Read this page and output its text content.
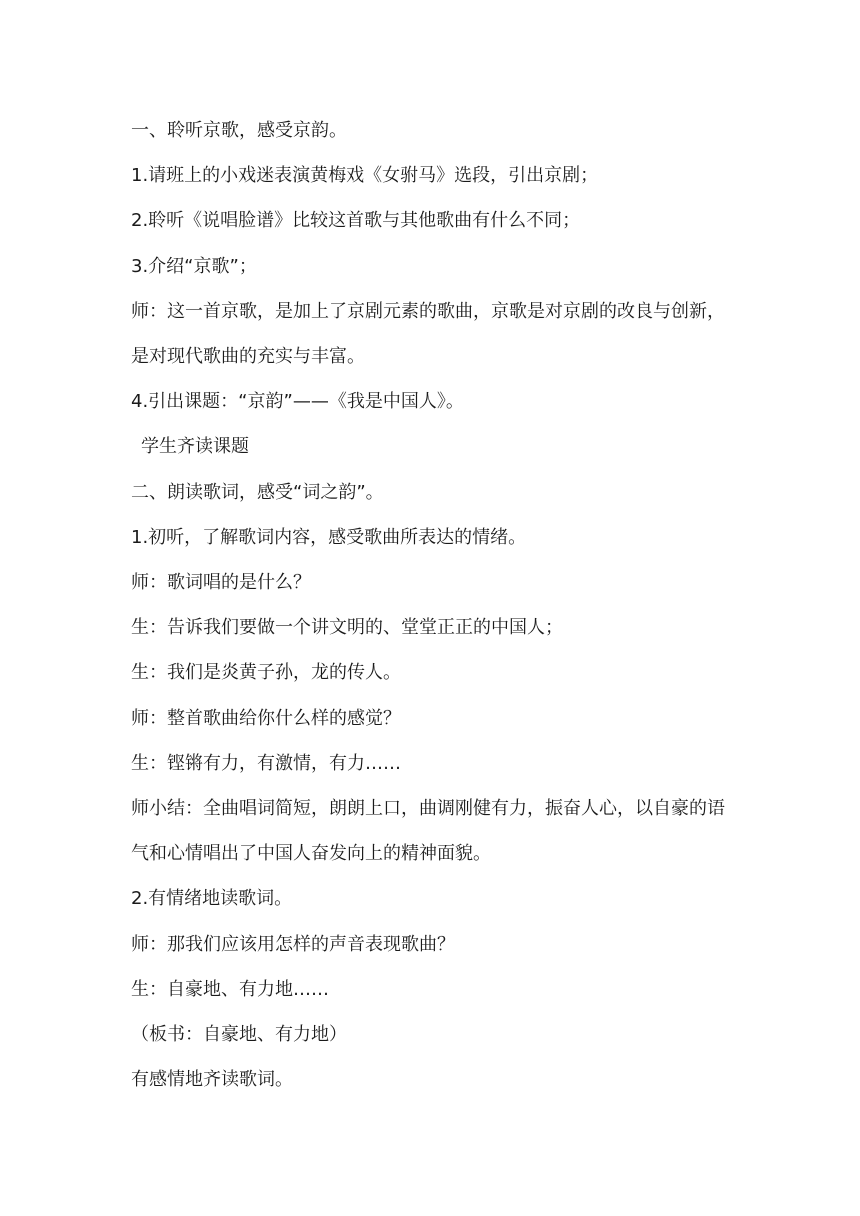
一、聆听京歌，感受京韵。

1.请班上的小戏迷表演黄梅戏《女驸马》选段，引出京剧；

2.聆听《说唱脸谱》比较这首歌与其他歌曲有什么不同；

3.介绍“京歌”；

师：这一首京歌，是加上了京剧元素的歌曲，京歌是对京剧的改良与创新，是对现代歌曲的充实与丰富。

4.引出课题：“京韵”——《我是中国人》。

学生齐读课题

二、朗读歌词，感受“词之韵”。

1.初听，了解歌词内容，感受歌曲所表达的情绪。

师：歌词唱的是什么？

生：告诉我们要做一个讲文明的、堂堂正正的中国人；

生：我们是炎黄子孙，龙的传人。

师：整首歌曲给你什么样的感觉？

生：铿锵有力，有激情，有力……

师小结：全曲唱词简短，朗朗上口，曲调刚健有力，振奋人心，以自豪的语气和心情唱出了中国人奋发向上的精神面貌。

2.有情绪地读歌词。

师：那我们应该用怎样的声音表现歌曲？

生：自豪地、有力地……

（板书：自豪地、有力地）

有感情地齐读歌词。
